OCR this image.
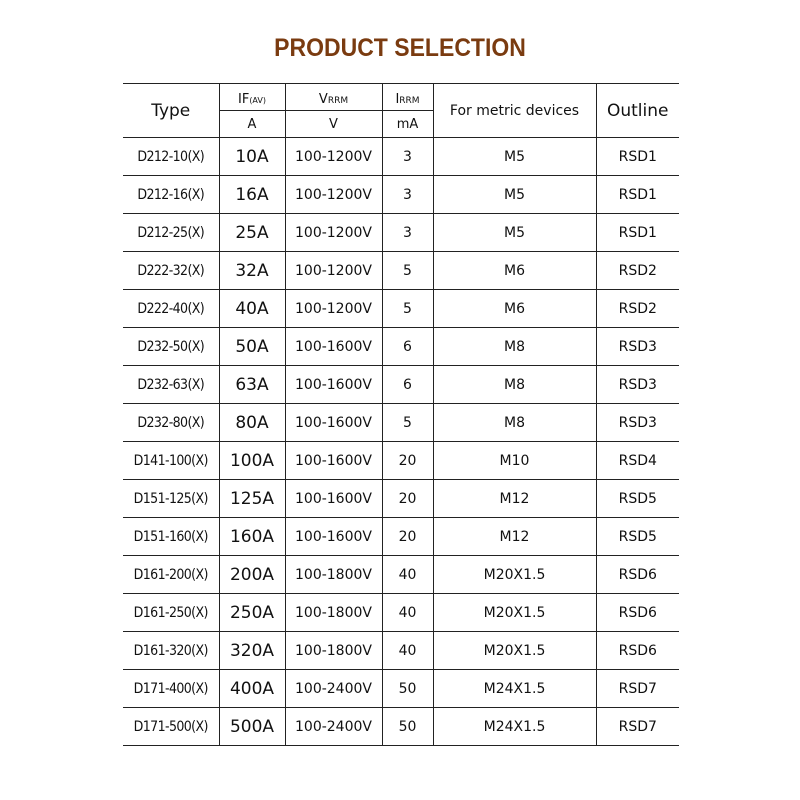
PRODUCT SELECTION
Type	IF(AV)	VRRM	IRRM	For metric devices	Outline
	A	V	mA		
D212-10(X)	10A	100-1200V	3	M5	RSD1
D212-16(X)	16A	100-1200V	3	M5	RSD1
D212-25(X)	25A	100-1200V	3	M5	RSD1
D222-32(X)	32A	100-1200V	5	M6	RSD2
D222-40(X)	40A	100-1200V	5	M6	RSD2
D232-50(X)	50A	100-1600V	6	M8	RSD3
D232-63(X)	63A	100-1600V	6	M8	RSD3
D232-80(X)	80A	100-1600V	5	M8	RSD3
D141-100(X)	100A	100-1600V	20	M10	RSD4
D151-125(X)	125A	100-1600V	20	M12	RSD5
D151-160(X)	160A	100-1600V	20	M12	RSD5
D161-200(X)	200A	100-1800V	40	M20X1.5	RSD6
D161-250(X)	250A	100-1800V	40	M20X1.5	RSD6
D161-320(X)	320A	100-1800V	40	M20X1.5	RSD6
D171-400(X)	400A	100-2400V	50	M24X1.5	RSD7
D171-500(X)	500A	100-2400V	50	M24X1.5	RSD7
